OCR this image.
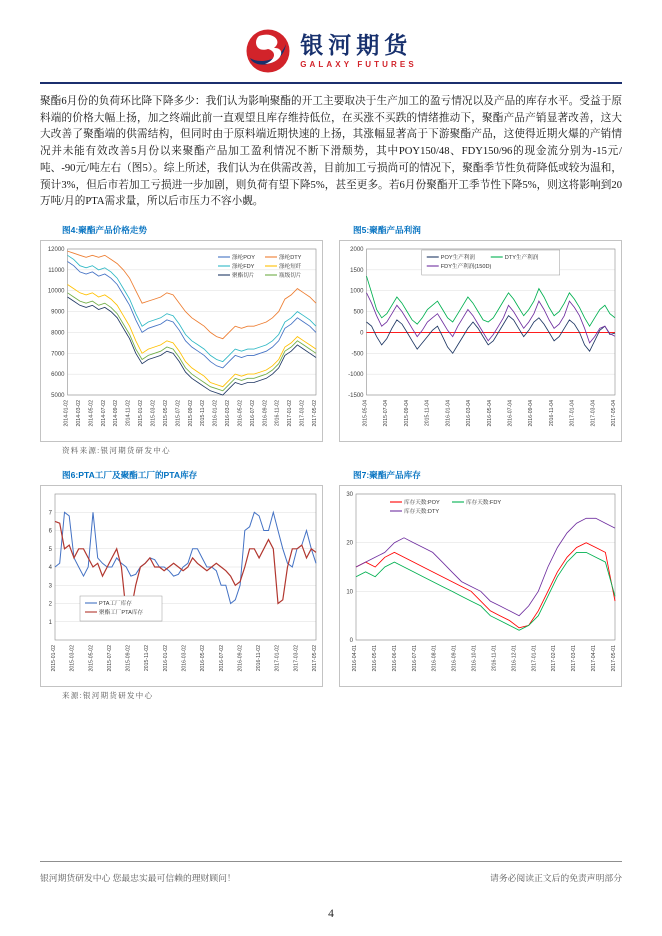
银河期货
GALAXY FUTURES
聚酯6月份的负荷环比降下降多少：我们认为影响聚酯的开工主要取决于生产加工的盈亏情况以及产品的库存水平。受益于原料端的价格大幅上扬，加之终端此前一直观望且库存维持低位，在买涨不买跌的情绪推动下，聚酯产品产销显著改善，这大大改善了聚酯端的供需结构，但同时由于原料端近期快速的上扬，其涨幅显著高于下游聚酯产品，这使得近期火爆的产销情况并未能有效改善5月份以来聚酯产品加工盈利情况不断下滑颓势，其中POY150/48、FDY150/96的现金流分别为-15元/吨、-90元/吨左右（图5）。综上所述，我们认为在供需改善，目前加工亏损尚可的情况下，聚酯季节性负荷降低或较为温和，预计3%，但后市若加工亏损进一步加剧，则负荷有望下降5%，甚至更多。若6月份聚酯开工季节性下降5%，则这将影响到20万吨/月的PTA需求量，所以后市压力不容小觑。
图4:聚酯产品价格走势	图5:聚酯产品利润
5000
6000
7000
8000
9000
10000
11000
12000
2014-01-02 2014-03-02 2014-05-02 2014-07-02 2014-09-02 2014-11-02 2015-01-02 2015-03-02 2015-05-02 2015-07-02 2015-09-02 2015-11-02 2016-01-02 2016-03-02 2016-05-02 2016-07-02 2016-09-02 2016-11-02 2017-01-02 2017-03-02 2017-05-02
涤纶POY	涤纶DTY
涤纶FDY	涤纶短纤
聚酯切片	瓶级切片
-1500
-1000
-500
0
500
1000
1500
2000
2015-05-04	2015-07-04	2015-09-04	2015-11-04	2016-01-04	2016-03-04	2016-05-04	2016-07-04	2016-09-04	2016-11-04	2017-01-04	2017-03-04	2017-05-04
POY生产利润	DTY生产利润
FDY生产利润(150D)
资料来源:银河期货研发中心
图6:PTA工厂及聚酯工厂的PTA库存	图7:聚酯产品库存
1
2
3
4
5
6
7
2015-01-02 2015-03-02 2015-05-02 2015-07-02 2015-09-02 2015-11-02 2016-01-02 2016-03-02 2016-05-02 2016-07-02 2016-09-02 2016-11-02 2017-01-02 2017-03-02 2017-05-02
PTA工厂库存
聚酯工厂PTA库存
0
10
20
30
2016-04-01	2016-05-01	2016-06-01	2016-07-01	2016-08-01	2016-09-01	2016-10-01	2016-11-01	2016-12-01	2017-01-01	2017-02-01	2017-03-01	2017-04-01	2017-05-01
库存天数:POY	库存天数:FDY
库存天数:DTY
来源:银河期货研发中心
银河期货研发中心 您最忠实最可信赖的理财顾问！	请务必阅读正文后的免责声明部分
4
